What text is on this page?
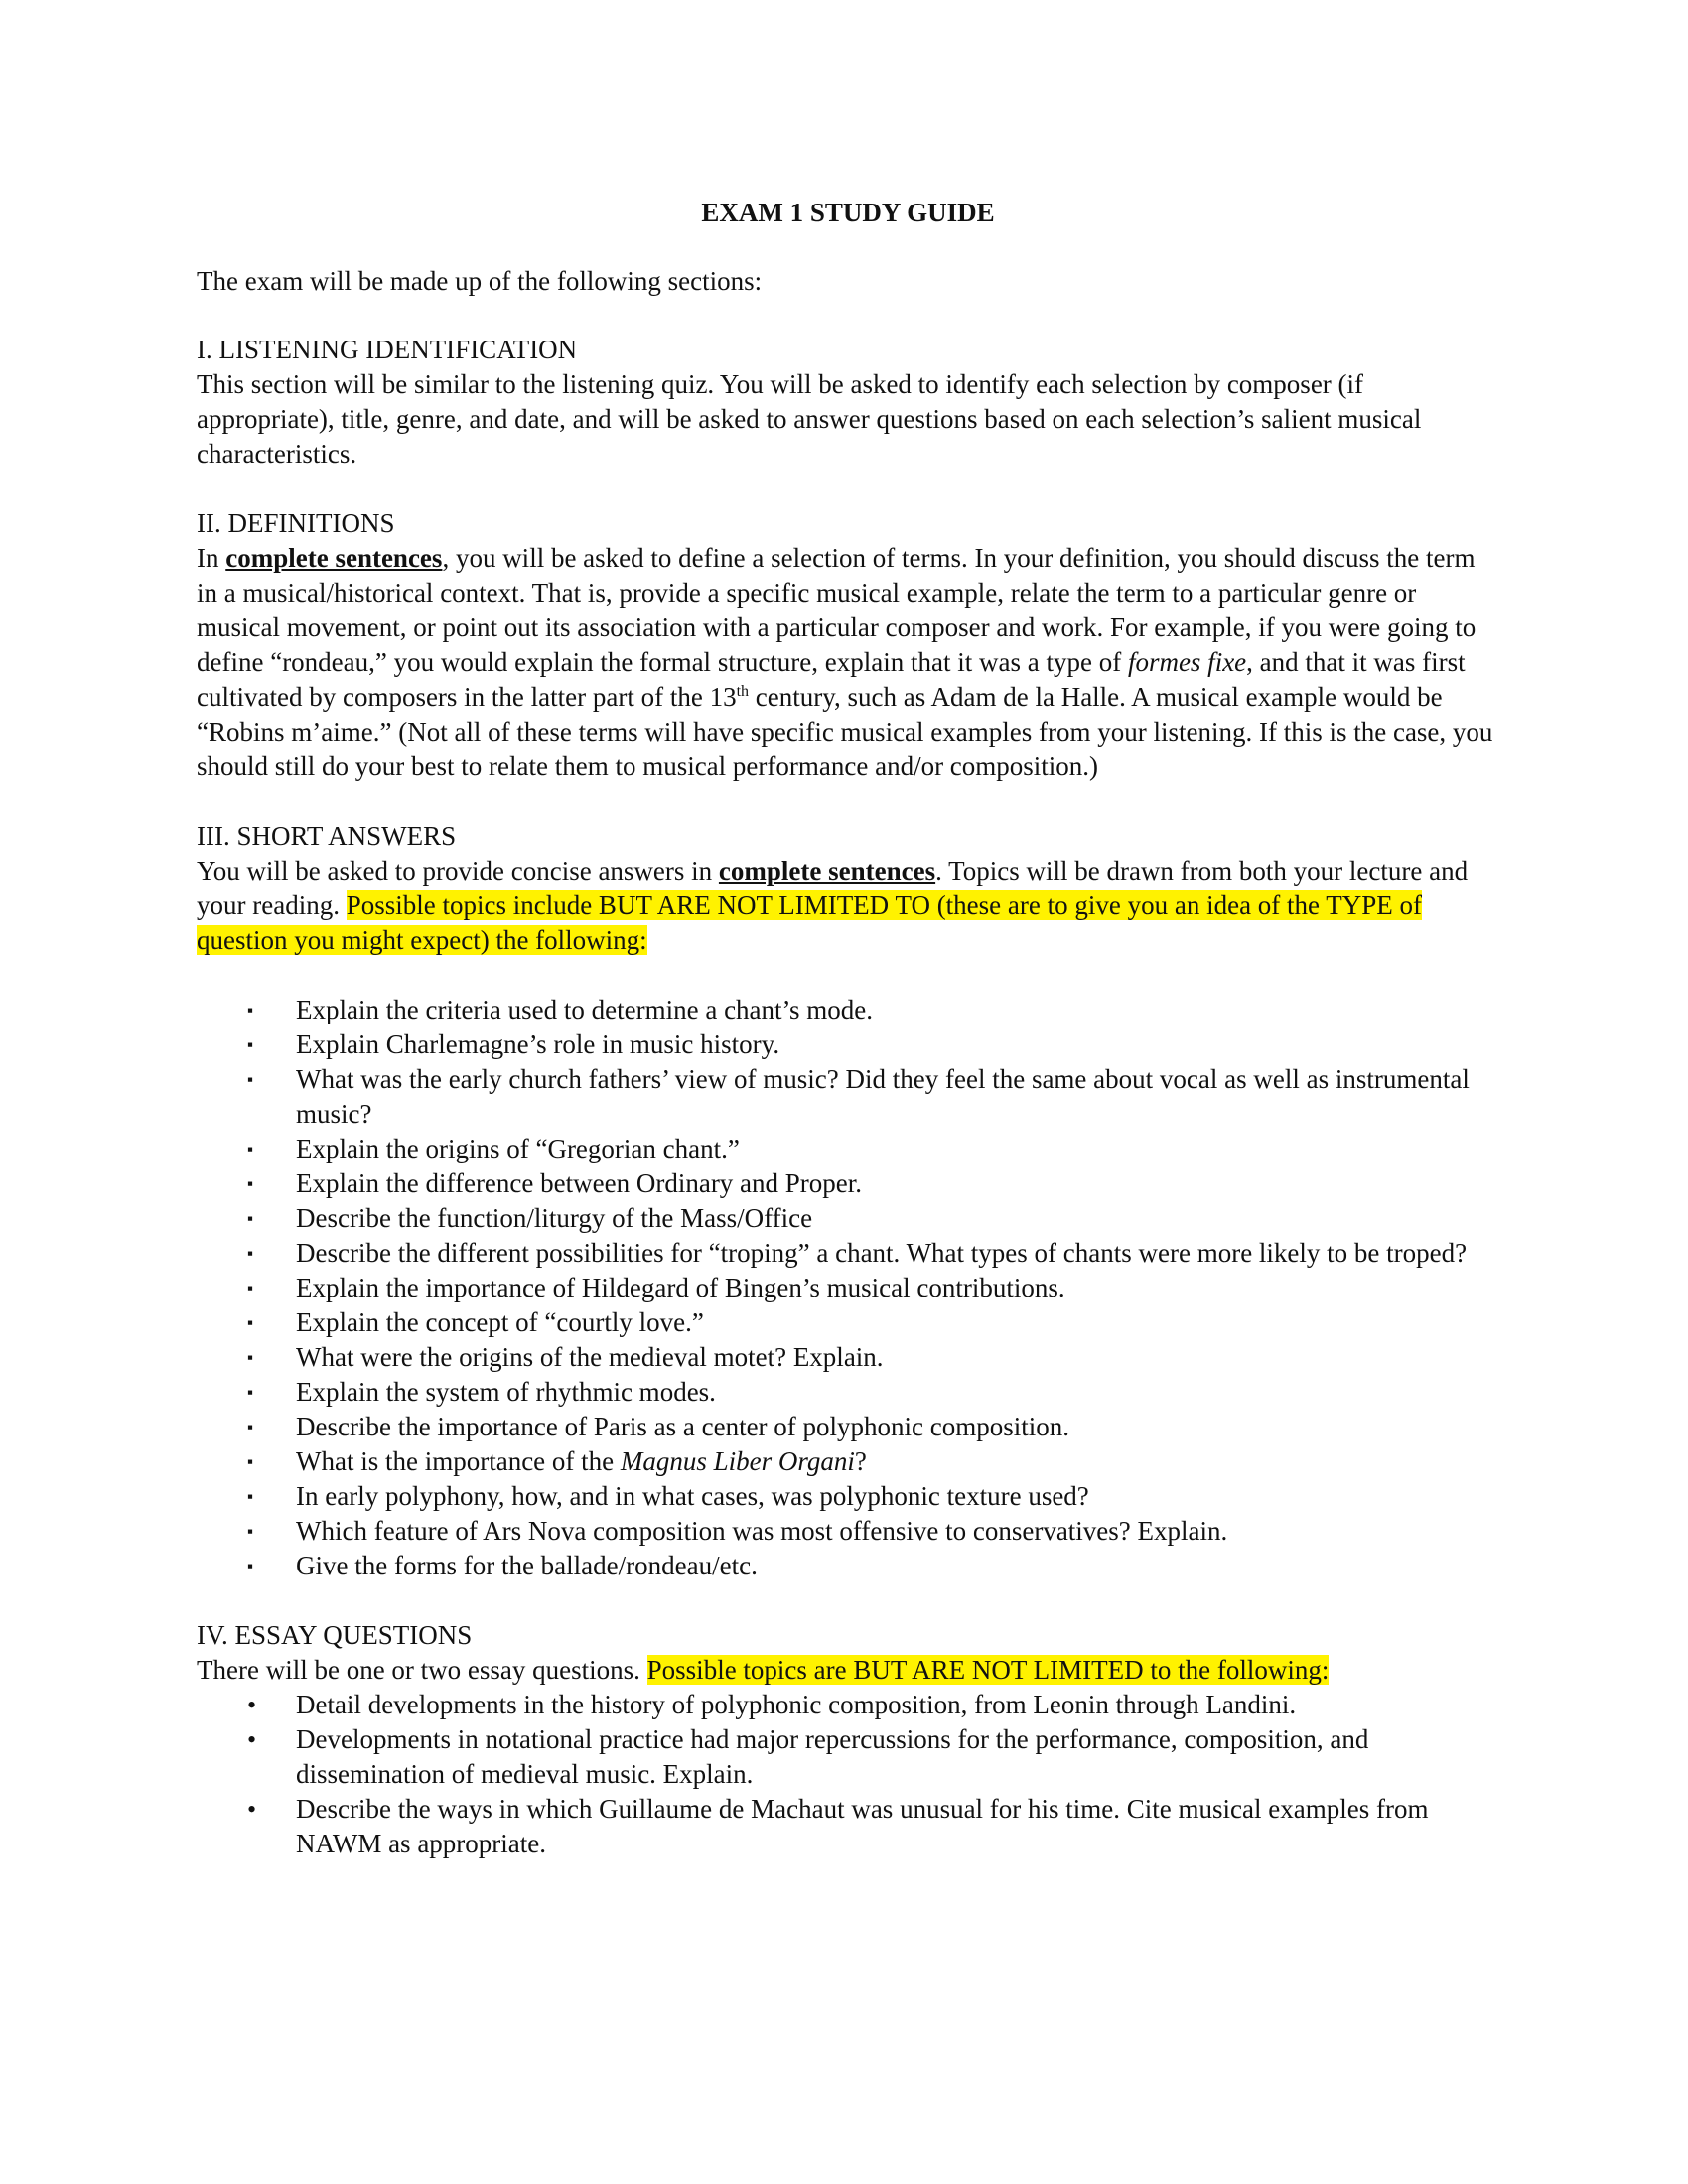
EXAM 1 STUDY GUIDE

The exam will be made up of the following sections:

I. LISTENING IDENTIFICATION

This section will be similar to the listening quiz. You will be asked to identify each selection by composer (if appropriate), title, genre, and date, and will be asked to answer questions based on each selection’s salient musical characteristics.

II. DEFINITIONS

In complete sentences, you will be asked to define a selection of terms. In your definition, you should discuss the term in a musical/historical context. That is, provide a specific musical example, relate the term to a particular genre or musical movement, or point out its association with a particular composer and work. For example, if you were going to define “rondeau,” you would explain the formal structure, explain that it was a type of formes fixe, and that it was first cultivated by composers in the latter part of the 13th century, such as Adam de la Halle. A musical example would be “Robins m’aime.” (Not all of these terms will have specific musical examples from your listening. If this is the case, you should still do your best to relate them to musical performance and/or composition.)

III. SHORT ANSWERS

You will be asked to provide concise answers in complete sentences. Topics will be drawn from both your lecture and your reading. Possible topics include BUT ARE NOT LIMITED TO (these are to give you an idea of the TYPE of question you might expect) the following:

▪ Explain the criteria used to determine a chant’s mode.
▪ Explain Charlemagne’s role in music history.
▪ What was the early church fathers’ view of music? Did they feel the same about vocal as well as instrumental music?
▪ Explain the origins of “Gregorian chant.”
▪ Explain the difference between Ordinary and Proper.
▪ Describe the function/liturgy of the Mass/Office
▪ Describe the different possibilities for “troping” a chant. What types of chants were more likely to be troped?
▪ Explain the importance of Hildegard of Bingen’s musical contributions.
▪ Explain the concept of “courtly love.”
▪ What were the origins of the medieval motet? Explain.
▪ Explain the system of rhythmic modes.
▪ Describe the importance of Paris as a center of polyphonic composition.
▪ What is the importance of the Magnus Liber Organi?
▪ In early polyphony, how, and in what cases, was polyphonic texture used?
▪ Which feature of Ars Nova composition was most offensive to conservatives? Explain.
▪ Give the forms for the ballade/rondeau/etc.
IV. ESSAY QUESTIONS

There will be one or two essay questions. Possible topics are BUT ARE NOT LIMITED to the following:

• Detail developments in the history of polyphonic composition, from Leonin through Landini.
• Developments in notational practice had major repercussions for the performance, composition, and dissemination of medieval music. Explain.
• Describe the ways in which Guillaume de Machaut was unusual for his time. Cite musical examples from NAWM as appropriate.
